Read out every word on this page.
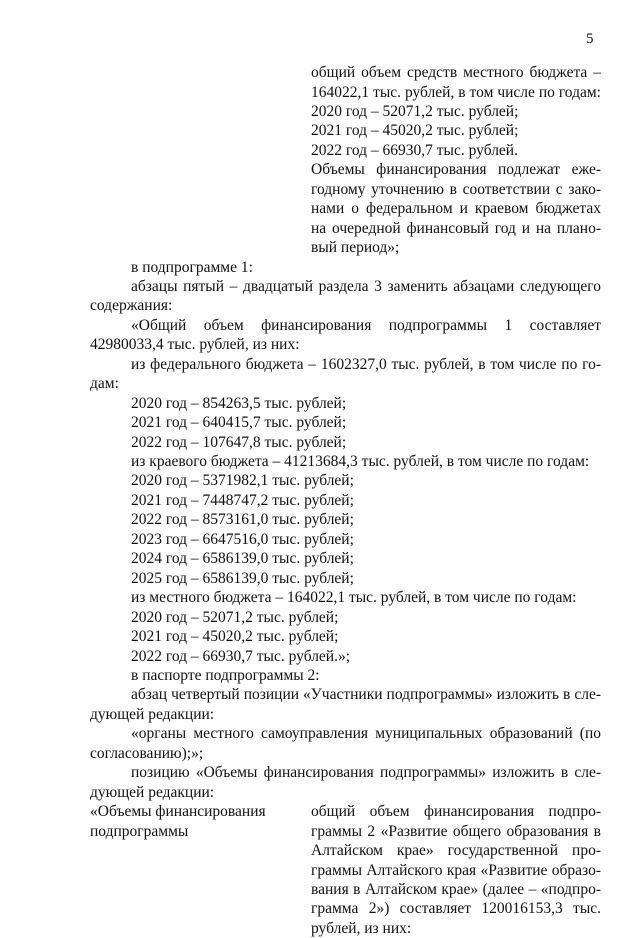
5
общий объем средств местного бюджета –
164022,1 тыс. рублей, в том числе по годам:
2020 год – 52071,2 тыс. рублей;
2021 год – 45020,2 тыс. рублей;
2022 год – 66930,7 тыс. рублей.
Объемы финансирования подлежат еже-
годному уточнению в соответствии с зако-
нами о федеральном и краевом бюджетах
на очередной финансовый год и на плано-
вый период»;
в подпрограмме 1:
абзацы пятый – двадцатый раздела 3 заменить абзацами следующего
содержания:
«Общий объем финансирования подпрограммы 1 составляет
42980033,4 тыс. рублей, из них:
из федерального бюджета – 1602327,0 тыс. рублей, в том числе по го-
дам:
2020 год – 854263,5 тыс. рублей;
2021 год – 640415,7 тыс. рублей;
2022 год – 107647,8 тыс. рублей;
из краевого бюджета – 41213684,3 тыс. рублей, в том числе по годам:
2020 год – 5371982,1 тыс. рублей;
2021 год – 7448747,2 тыс. рублей;
2022 год – 8573161,0 тыс. рублей;
2023 год – 6647516,0 тыс. рублей;
2024 год – 6586139,0 тыс. рублей;
2025 год – 6586139,0 тыс. рублей;
из местного бюджета – 164022,1 тыс. рублей, в том числе по годам:
2020 год – 52071,2 тыс. рублей;
2021 год – 45020,2 тыс. рублей;
2022 год – 66930,7 тыс. рублей.»;
в паспорте подпрограммы 2:
абзац четвертый позиции «Участники подпрограммы» изложить в сле-
дующей редакции:
«органы местного самоуправления муниципальных образований (по
согласованию);»;
позицию «Объемы финансирования подпрограммы» изложить в сле-
дующей редакции:
«Объемы финансирования
подпрограммы
общий объем финансирования подпро-
граммы 2 «Развитие общего образования в
Алтайском крае» государственной про-
граммы Алтайского края «Развитие образо-
вания в Алтайском крае» (далее – «подпро-
грамма 2») составляет 120016153,3 тыс.
рублей, из них:
